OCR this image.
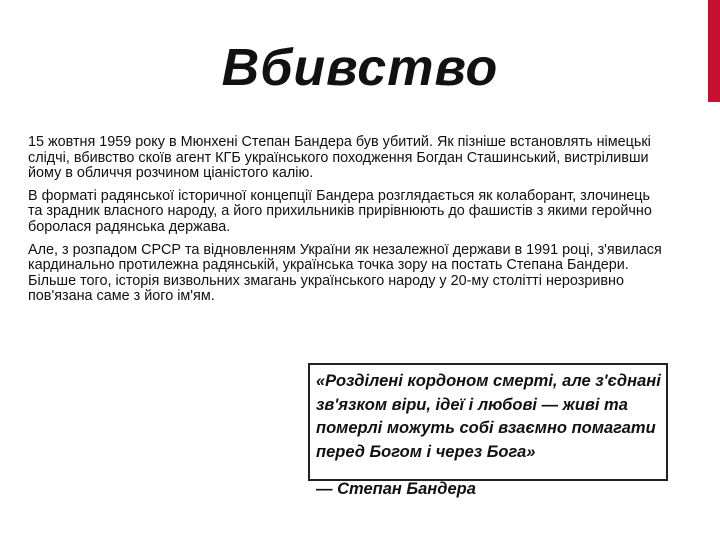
Вбивство

15 жовтня 1959 року в Мюнхені Степан Бандера був убитий. Як пізніше встановлять німецькі слідчі, вбивство скоїв агент КГБ українського походження Богдан Сташинський, вистріливши йому в обличчя розчином ціаністого калію.

В форматі радянської історичної концепції Бандера розглядається як колаборант, злочинець та зрадник власного народу, а його прихильників прирівнюють до фашистів з якими геройчно боролася радянська держава.

Але, з розпадом СРСР та відновленням України як незалежної держави в 1991 році, з'явилася кардинально протилежна радянській, українська точка зору на постать Степана Бандери. Більше того, історія визвольних змагань українського народу у 20-му столітті нерозривно пов'язана саме з його ім'ям.

«Розділені кордоном смерті, але з'єднані зв'язком віри, ідеї і любові — живі та померлі можуть собі взаємно помагати перед Богом і через Бога»

— Степан Бандера
